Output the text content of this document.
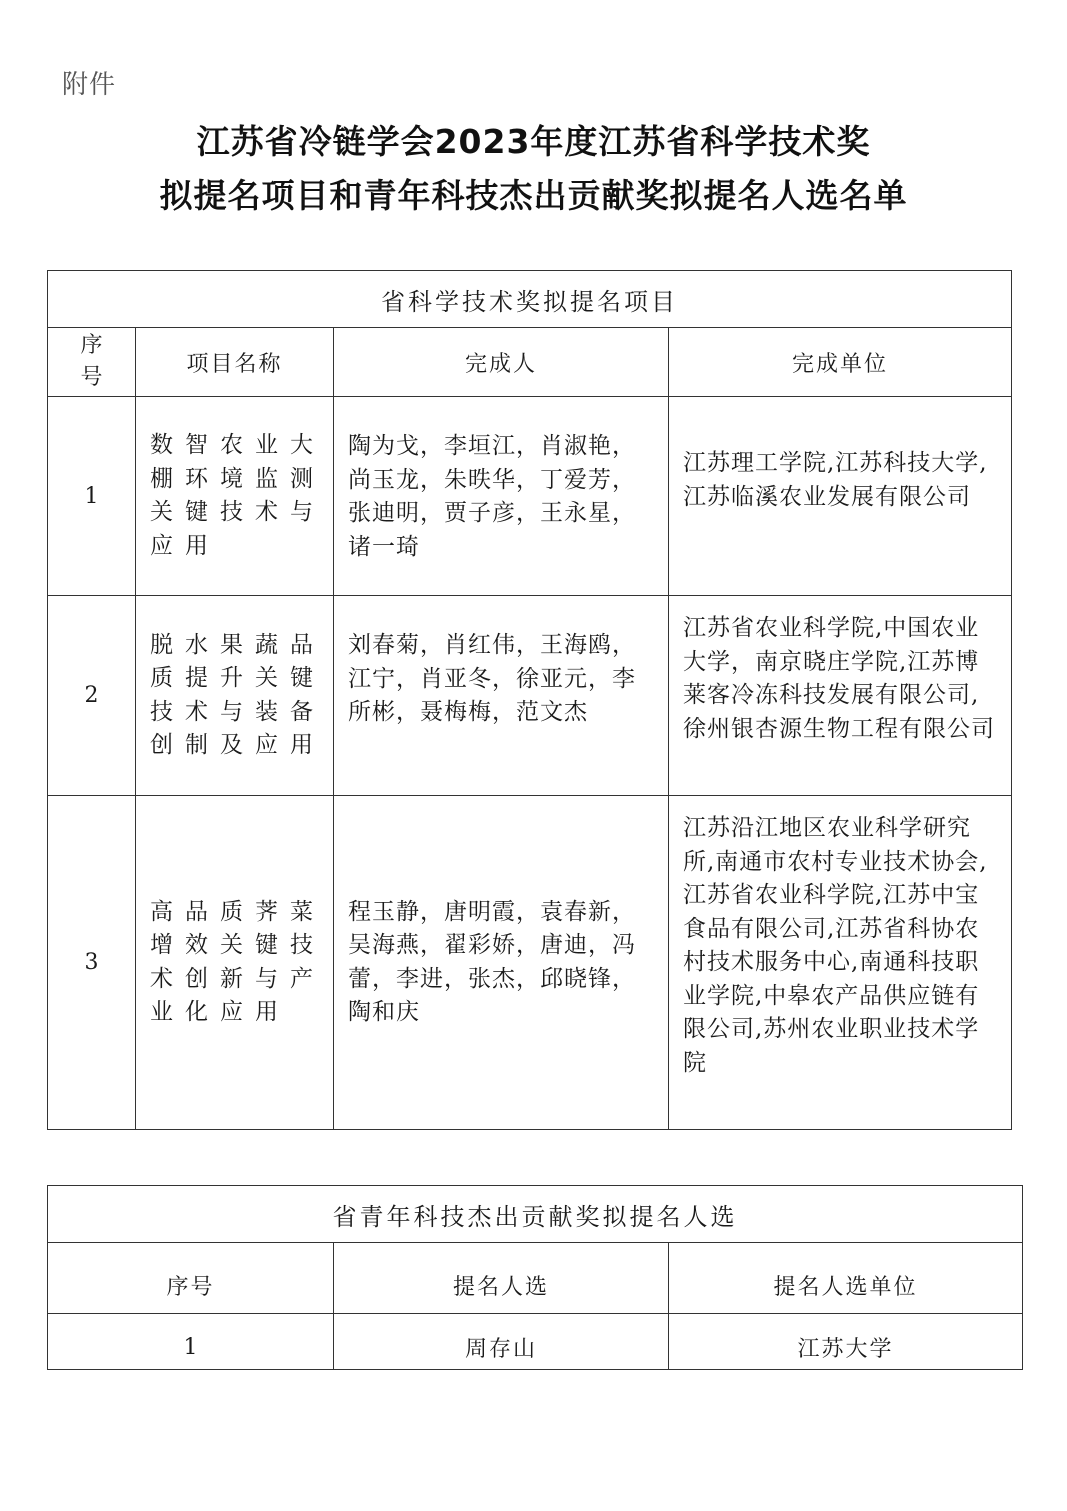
附件
江苏省冷链学会2023年度江苏省科学技术奖
拟提名项目和青年科技杰出贡献奖拟提名人选名单
省科学技术奖拟提名项目			

序号	项目名称	完成人	完成单位
1	数智农业大棚环境监测关键技术与应用	陶为戈，李垣江，肖淑艳，尚玉龙，朱昳华，丁爱芳，张迪明，贾子彦，王永星，诸一琦	江苏理工学院,江苏科技大学,江苏临溪农业发展有限公司
2	脱水果蔬品质提升关键技术与装备创制及应用	刘春菊，肖红伟，王海鸥，江宁，肖亚冬，徐亚元，李所彬，聂梅梅，范文杰	江苏省农业科学院,中国农业大学，南京晓庄学院,江苏博莱客冷冻科技发展有限公司,徐州银杏源生物工程有限公司
3	高品质荠菜增效关键技术创新与产业化应用	程玉静，唐明霞，袁春新，吴海燕，翟彩娇，唐迪，冯蕾，李进，张杰，邱晓锋，陶和庆	江苏沿江地区农业科学研究所,南通市农村专业技术协会,江苏省农业科学院,江苏中宝食品有限公司,江苏省科协农村技术服务中心,南通科技职业学院,中皋农产品供应链有限公司,苏州农业职业技术学院
省青年科技杰出贡献奖拟提名人选		
序号	提名人选	提名人选单位
1	周存山	江苏大学
